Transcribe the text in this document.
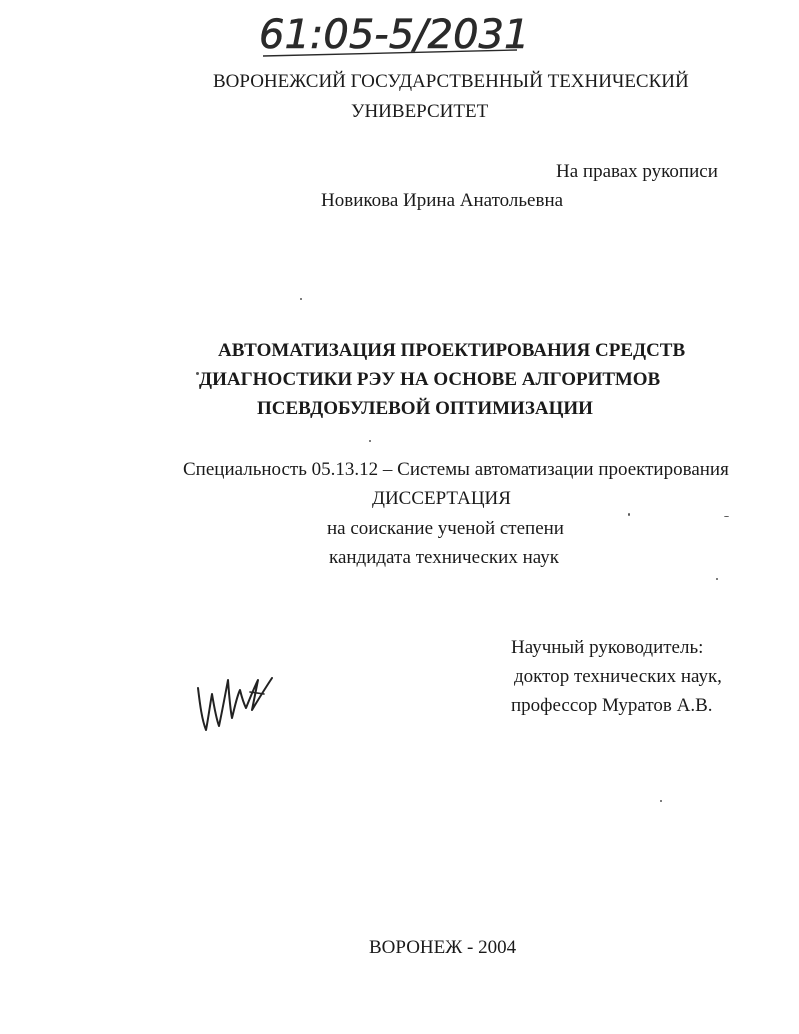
61:05-5/2031
ВОРОНЕЖСИЙ ГОСУДАРСТВЕННЫЙ ТЕХНИЧЕСКИЙ
УНИВЕРСИТЕТ
На правах рукописи
Новикова Ирина Анатольевна
АВТОМАТИЗАЦИЯ ПРОЕКТИРОВАНИЯ СРЕДСТВ
ДИАГНОСТИКИ РЭУ НА ОСНОВЕ АЛГОРИТМОВ
ПСЕВДОБУЛЕВОЙ ОПТИМИЗАЦИИ
Специальность 05.13.12 – Системы автоматизации проектирования
ДИССЕРТАЦИЯ
на соискание ученой степени
кандидата технических наук
Научный руководитель:
доктор технических наук,
профессор Муратов А.В.
ВОРОНЕЖ - 2004
